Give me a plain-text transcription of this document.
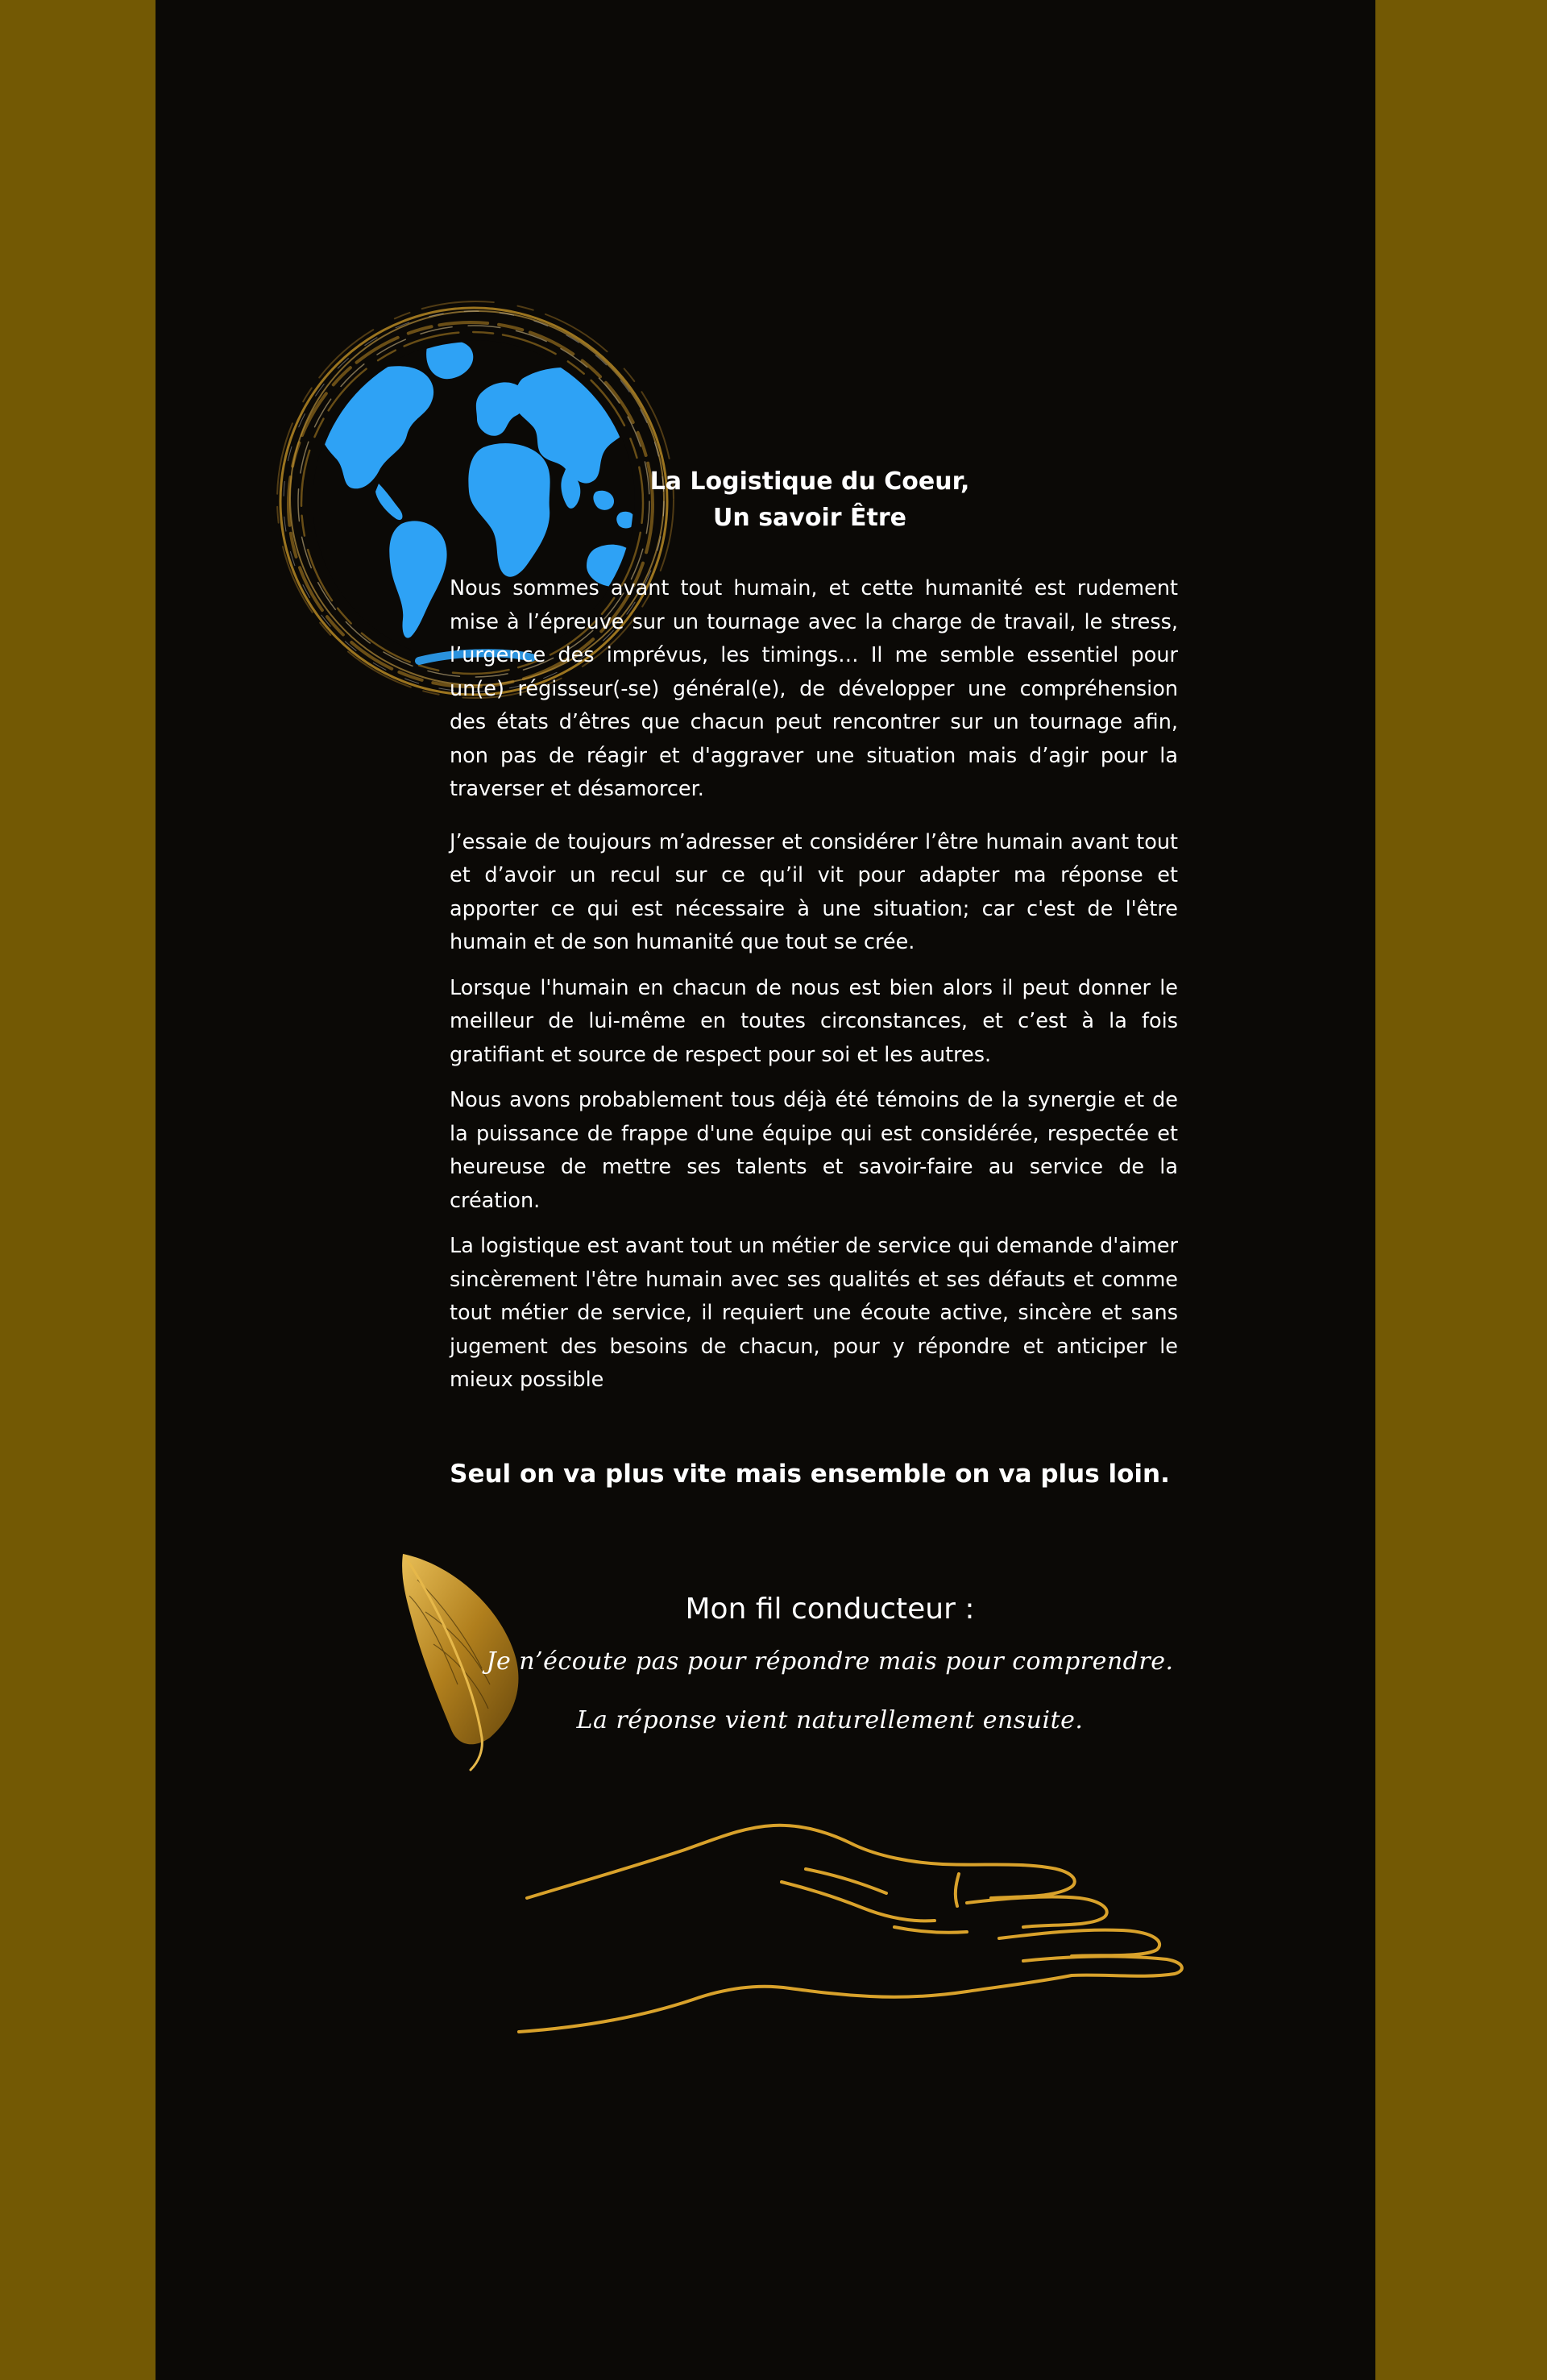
La Logistique du Coeur,
Un savoir Être

Nous sommes avant tout humain, et cette humanité est rudement mise à l’épreuve sur un tournage avec la charge de travail, le stress, l’urgence des imprévus, les timings… Il me semble essentiel pour un(e) régisseur(-se) général(e), de développer une compréhension des états d’êtres que chacun peut rencontrer sur un tournage afin, non pas de réagir et d'aggraver une situation mais d’agir pour la traverser et désamorcer.

J’essaie de toujours m’adresser et considérer l’être humain avant tout et d’avoir un recul sur ce qu’il vit pour adapter ma réponse et apporter ce qui est nécessaire à une situation; car c'est de l'être humain et de son humanité que tout se crée.

Lorsque l'humain en chacun de nous est bien alors il peut donner le meilleur de lui-même en toutes circonstances, et c’est à la fois gratifiant et source de respect pour soi et les autres.

Nous avons probablement tous déjà été témoins de la synergie et de la puissance de frappe d'une équipe qui est considérée, respectée et heureuse de mettre ses talents et savoir-faire au service de la création.

La logistique est avant tout un métier de service qui demande d'aimer sincèrement l'être humain avec ses qualités et ses défauts et comme tout métier de service, il requiert une écoute active, sincère et sans jugement des besoins de chacun, pour y répondre et anticiper le mieux possible

Seul on va plus vite mais ensemble on va plus loin.
Mon fil conducteur :
Je n’écoute pas pour répondre mais pour comprendre.
La réponse vient naturellement ensuite.
